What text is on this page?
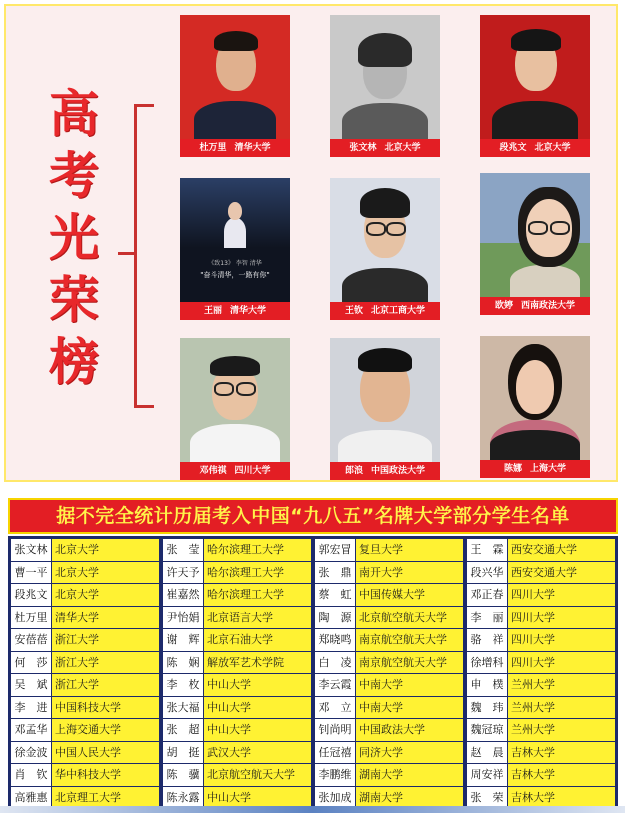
高
考
光
荣
榜
杜万里 清华大学	张文林 北京大学	段兆文 北京大学
《致13》 李智 清华
"奋斗清华，一路有你"
王丽 清华大学	王钦 北京工商大学	欧婷 西南政法大学
邓伟祺 四川大学	郎浪 中国政法大学	陈娜 上海大学
据不完全统计历届考入中国“九八五”名牌大学部分学生名单
张文林 北京大学
曹一平 北京大学
段兆文 北京大学
杜万里 清华大学
安蓓蓓 浙江大学
何　莎 浙江大学
吴　斌 浙江大学
李　进 中国科技大学
邓孟华 上海交通大学
徐金波 中国人民大学
肖　钦 华中科技大学
高雅惠 北京理工大学
张　莹 哈尔滨理工大学
许天予 哈尔滨理工大学
崔嘉然 哈尔滨理工大学
尹怡娟 北京语言大学
谢　辉 北京石油大学
陈　娴 解放军艺术学院
李　枚 中山大学
张大福 中山大学
张　超 中山大学
胡　挺 武汉大学
陈　骥 北京航空航天大学
陈永露 中山大学
郭宏冒 复旦大学
张　鼎 南开大学
蔡　虹 中国传媒大学
陶　源 北京航空航天大学
郑晓鸣 南京航空航天大学
白　凌 南京航空航天大学
李云霞 中南大学
邓　立 中南大学
钊尚明 中国政法大学
任冠禧 同济大学
李鹏维 湖南大学
张加成 湖南大学
王　霖 西安交通大学
段兴华 西安交通大学
邓正春 四川大学
李　丽 四川大学
骆　祥 四川大学
徐增科 四川大学
申　樸 兰州大学
魏　玮 兰州大学
魏冠琼 兰州大学
赵　晨 吉林大学
周安祥 吉林大学
张　荣 吉林大学
